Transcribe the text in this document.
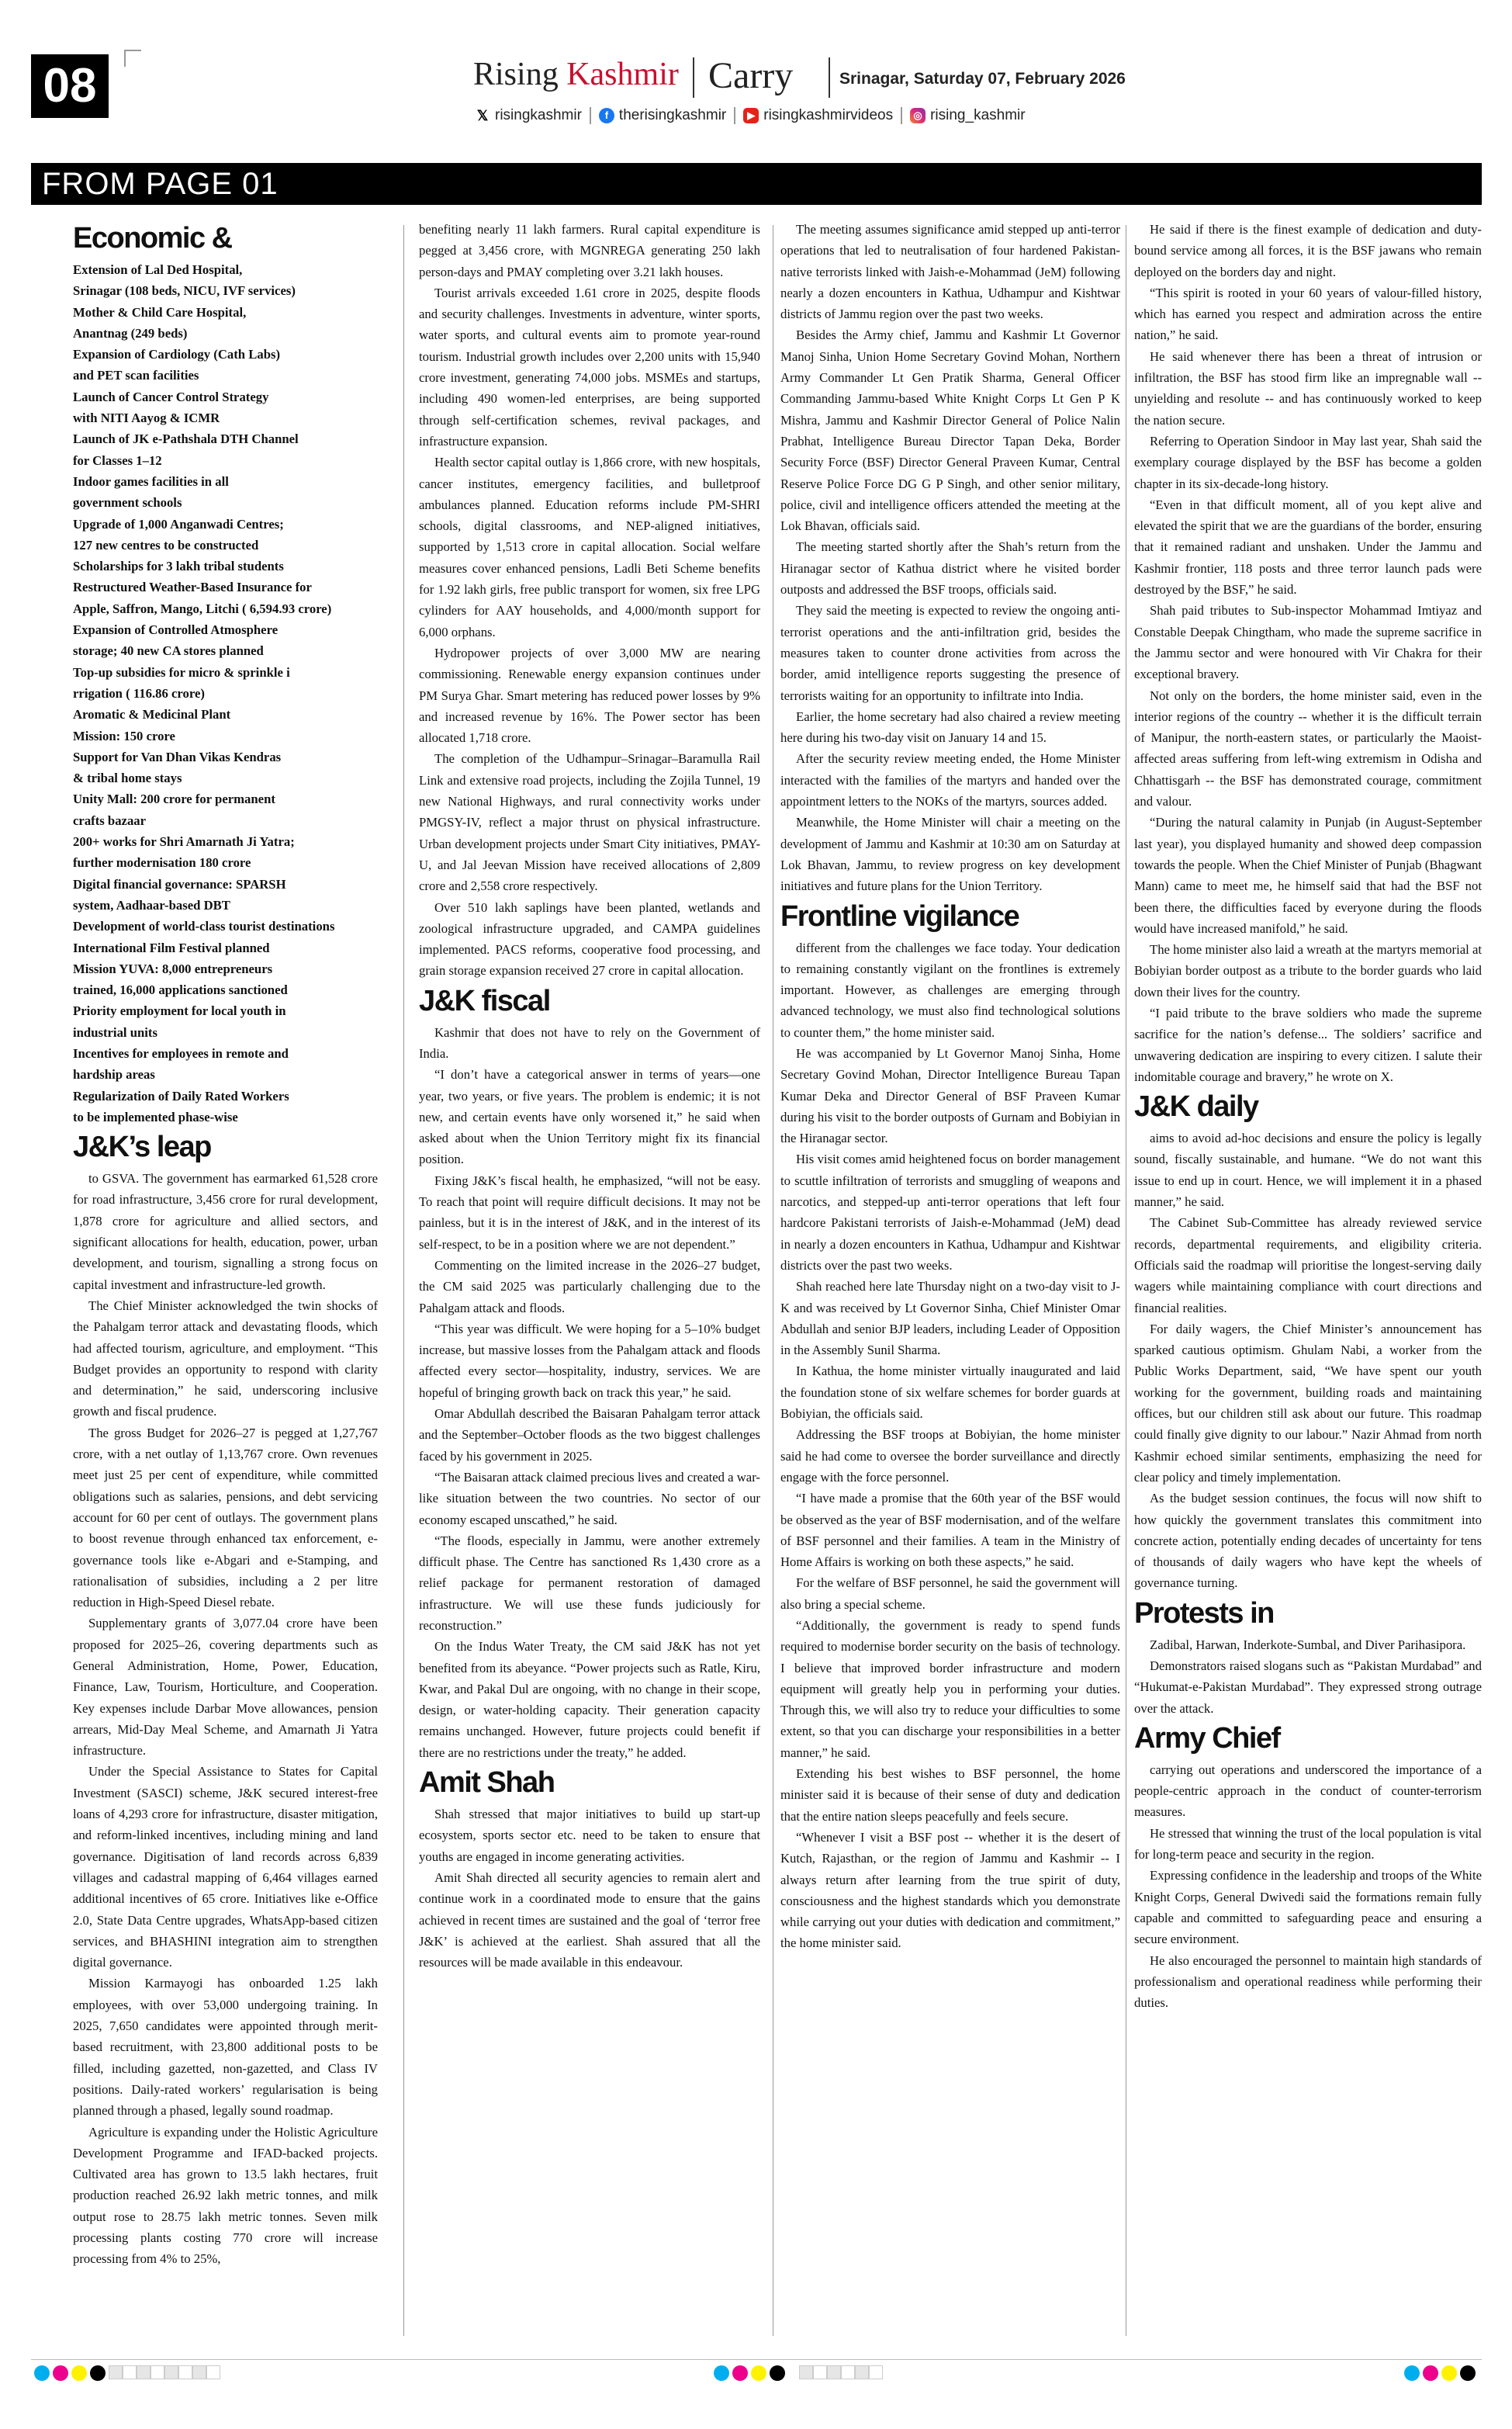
08	Rising Kashmir Carry	Srinagar, Saturday 07, February 2026
𝕏 risingkashmir	f therisingkashmir	▶ risingkashmirvideos	◎ rising_kashmir
FROM PAGE 01
Economic &
Extension of Lal Ded Hospital,
Srinagar (108 beds, NICU, IVF services)
Mother & Child Care Hospital,
Anantnag (249 beds)
Expansion of Cardiology (Cath Labs)
and PET scan facilities
Launch of Cancer Control Strategy
with NITI Aayog & ICMR
Launch of JK e-Pathshala DTH Channel
for Classes 1–12
Indoor games facilities in all
government schools
Upgrade of 1,000 Anganwadi Centres;
127 new centres to be constructed
Scholarships for 3 lakh tribal students
Restructured Weather-Based Insurance for
Apple, Saffron, Mango, Litchi ( 6,594.93 crore)
Expansion of Controlled Atmosphere
storage; 40 new CA stores planned
Top-up subsidies for micro & sprinkle i
rrigation ( 116.86 crore)
Aromatic & Medicinal Plant
Mission: 150 crore
Support for Van Dhan Vikas Kendras
& tribal home stays
Unity Mall: 200 crore for permanent
crafts bazaar
200+ works for Shri Amarnath Ji Yatra;
further modernisation 180 crore
Digital financial governance: SPARSH
system, Aadhaar-based DBT
Development of world-class tourist destinations
International Film Festival planned
Mission YUVA: 8,000 entrepreneurs
trained, 16,000 applications sanctioned
Priority employment for local youth in
industrial units
Incentives for employees in remote and
hardship areas
Regularization of Daily Rated Workers
to be implemented phase-wise
J&K’s leap

to GSVA. The government has earmarked 61,528 crore for road infrastructure, 3,456 crore for rural development, 1,878 crore for agriculture and allied sectors, and significant allocations for health, education, power, urban development, and tourism, signalling a strong focus on capital investment and infrastructure-led growth.

The Chief Minister acknowledged the twin shocks of the Pahalgam terror attack and devastating floods, which had affected tourism, agriculture, and employment. “This Budget provides an opportunity to respond with clarity and determination,” he said, underscoring inclusive growth and fiscal prudence.

The gross Budget for 2026–27 is pegged at 1,27,767 crore, with a net outlay of 1,13,767 crore. Own revenues meet just 25 per cent of expenditure, while committed obligations such as salaries, pensions, and debt servicing account for 60 per cent of outlays. The government plans to boost revenue through enhanced tax enforcement, e-governance tools like e-Abgari and e-Stamping, and rationalisation of subsidies, including a 2 per litre reduction in High-Speed Diesel rebate.

Supplementary grants of 3,077.04 crore have been proposed for 2025–26, covering departments such as General Administration, Home, Power, Education, Finance, Law, Tourism, Horticulture, and Cooperation. Key expenses include Darbar Move allowances, pension arrears, Mid-Day Meal Scheme, and Amarnath Ji Yatra infrastructure.

Under the Special Assistance to States for Capital Investment (SASCI) scheme, J&K secured interest-free loans of 4,293 crore for infrastructure, disaster mitigation, and reform-linked incentives, including mining and land governance. Digitisation of land records across 6,839 villages and cadastral mapping of 6,464 villages earned additional incentives of 65 crore. Initiatives like e-Office 2.0, State Data Centre upgrades, WhatsApp-based citizen services, and BHASHINI integration aim to strengthen digital governance.

Mission Karmayogi has onboarded 1.25 lakh employees, with over 53,000 undergoing training. In 2025, 7,650 candidates were appointed through merit-based recruitment, with 23,800 additional posts to be filled, including gazetted, non-gazetted, and Class IV positions. Daily-rated workers’ regularisation is being planned through a phased, legally sound roadmap.

Agriculture is expanding under the Holistic Agriculture Development Programme and IFAD-backed projects. Cultivated area has grown to 13.5 lakh hectares, fruit production reached 26.92 lakh metric tonnes, and milk output rose to 28.75 lakh metric tonnes. Seven milk processing plants costing 770 crore will increase processing from 4% to 25%,

benefiting nearly 11 lakh farmers. Rural capital expenditure is pegged at 3,456 crore, with MGNREGA generating 250 lakh person-days and PMAY completing over 3.21 lakh houses.

Tourist arrivals exceeded 1.61 crore in 2025, despite floods and security challenges. Investments in adventure, winter sports, water sports, and cultural events aim to promote year-round tourism. Industrial growth includes over 2,200 units with 15,940 crore investment, generating 74,000 jobs. MSMEs and startups, including 490 women-led enterprises, are being supported through self-certification schemes, revival packages, and infrastructure expansion.

Health sector capital outlay is 1,866 crore, with new hospitals, cancer institutes, emergency facilities, and bulletproof ambulances planned. Education reforms include PM-SHRI schools, digital classrooms, and NEP-aligned initiatives, supported by 1,513 crore in capital allocation. Social welfare measures cover enhanced pensions, Ladli Beti Scheme benefits for 1.92 lakh girls, free public transport for women, six free LPG cylinders for AAY households, and 4,000/month support for 6,000 orphans.

Hydropower projects of over 3,000 MW are nearing commissioning. Renewable energy expansion continues under PM Surya Ghar. Smart metering has reduced power losses by 9% and increased revenue by 16%. The Power sector has been allocated 1,718 crore.

The completion of the Udhampur–Srinagar–Baramulla Rail Link and extensive road projects, including the Zojila Tunnel, 19 new National Highways, and rural connectivity works under PMGSY-IV, reflect a major thrust on physical infrastructure. Urban development projects under Smart City initiatives, PMAY-U, and Jal Jeevan Mission have received allocations of 2,809 crore and 2,558 crore respectively.

Over 510 lakh saplings have been planted, wetlands and zoological infrastructure upgraded, and CAMPA guidelines implemented. PACS reforms, cooperative food processing, and grain storage expansion received 27 crore in capital allocation.

J&K fiscal

Kashmir that does not have to rely on the Government of India.

“I don’t have a categorical answer in terms of years—one year, two years, or five years. The problem is endemic; it is not new, and certain events have only worsened it,” he said when asked about when the Union Territory might fix its financial position.

Fixing J&K’s fiscal health, he emphasized, “will not be easy. To reach that point will require difficult decisions. It may not be painless, but it is in the interest of J&K, and in the interest of its self-respect, to be in a position where we are not dependent.”

Commenting on the limited increase in the 2026–27 budget, the CM said 2025 was particularly challenging due to the Pahalgam attack and floods.

“This year was difficult. We were hoping for a 5–10% budget increase, but massive losses from the Pahalgam attack and floods affected every sector—hospitality, industry, services. We are hopeful of bringing growth back on track this year,” he said.

Omar Abdullah described the Baisaran Pahalgam terror attack and the September–October floods as the two biggest challenges faced by his government in 2025.

“The Baisaran attack claimed precious lives and created a war-like situation between the two countries. No sector of our economy escaped unscathed,” he said.

“The floods, especially in Jammu, were another extremely difficult phase. The Centre has sanctioned Rs 1,430 crore as a relief package for permanent restoration of damaged infrastructure. We will use these funds judiciously for reconstruction.”

On the Indus Water Treaty, the CM said J&K has not yet benefited from its abeyance. “Power projects such as Ratle, Kiru, Kwar, and Pakal Dul are ongoing, with no change in their scope, design, or water-holding capacity. Their generation capacity remains unchanged. However, future projects could benefit if there are no restrictions under the treaty,” he added.

Amit Shah

Shah stressed that major initiatives to build up start-up ecosystem, sports sector etc. need to be taken to ensure that youths are engaged in income generating activities.

Amit Shah directed all security agencies to remain alert and continue work in a coordinated mode to ensure that the gains achieved in recent times are sustained and the goal of ‘terror free J&K’ is achieved at the earliest. Shah assured that all the resources will be made available in this endeavour.

The meeting assumes significance amid stepped up anti-terror operations that led to neutralisation of four hardened Pakistan-native terrorists linked with Jaish-e-Mohammad (JeM) following nearly a dozen encounters in Kathua, Udhampur and Kishtwar districts of Jammu region over the past two weeks.

Besides the Army chief, Jammu and Kashmir Lt Governor Manoj Sinha, Union Home Secretary Govind Mohan, Northern Army Commander Lt Gen Pratik Sharma, General Officer Commanding Jammu-based White Knight Corps Lt Gen P K Mishra, Jammu and Kashmir Director General of Police Nalin Prabhat, Intelligence Bureau Director Tapan Deka, Border Security Force (BSF) Director General Praveen Kumar, Central Reserve Police Force DG G P Singh, and other senior military, police, civil and intelligence officers attended the meeting at the Lok Bhavan, officials said.

The meeting started shortly after the Shah’s return from the Hiranagar sector of Kathua district where he visited border outposts and addressed the BSF troops, officials said.

They said the meeting is expected to review the ongoing anti-terrorist operations and the anti-infiltration grid, besides the measures taken to counter drone activities from across the border, amid intelligence reports suggesting the presence of terrorists waiting for an opportunity to infiltrate into India.

Earlier, the home secretary had also chaired a review meeting here during his two-day visit on January 14 and 15.

After the security review meeting ended, the Home Minister interacted with the families of the martyrs and handed over the appointment letters to the NOKs of the martyrs, sources added.

Meanwhile, the Home Minister will chair a meeting on the development of Jammu and Kashmir at 10:30 am on Saturday at Lok Bhavan, Jammu, to review progress on key development initiatives and future plans for the Union Territory.

Frontline vigilance

different from the challenges we face today. Your dedication to remaining constantly vigilant on the frontlines is extremely important. However, as challenges are emerging through advanced technology, we must also find technological solutions to counter them,” the home minister said.

He was accompanied by Lt Governor Manoj Sinha, Home Secretary Govind Mohan, Director Intelligence Bureau Tapan Kumar Deka and Director General of BSF Praveen Kumar during his visit to the border outposts of Gurnam and Bobiyian in the Hiranagar sector.

His visit comes amid heightened focus on border management to scuttle infiltration of terrorists and smuggling of weapons and narcotics, and stepped-up anti-terror operations that left four hardcore Pakistani terrorists of Jaish-e-Mohammad (JeM) dead in nearly a dozen encounters in Kathua, Udhampur and Kishtwar districts over the past two weeks.

Shah reached here late Thursday night on a two-day visit to J-K and was received by Lt Governor Sinha, Chief Minister Omar Abdullah and senior BJP leaders, including Leader of Opposition in the Assembly Sunil Sharma.

In Kathua, the home minister virtually inaugurated and laid the foundation stone of six welfare schemes for border guards at Bobiyian, the officials said.

Addressing the BSF troops at Bobiyian, the home minister said he had come to oversee the border surveillance and directly engage with the force personnel.

“I have made a promise that the 60th year of the BSF would be observed as the year of BSF modernisation, and of the welfare of BSF personnel and their families. A team in the Ministry of Home Affairs is working on both these aspects,” he said.

For the welfare of BSF personnel, he said the government will also bring a special scheme.

“Additionally, the government is ready to spend funds required to modernise border security on the basis of technology. I believe that improved border infrastructure and modern equipment will greatly help you in performing your duties. Through this, we will also try to reduce your difficulties to some extent, so that you can discharge your responsibilities in a better manner,” he said.

Extending his best wishes to BSF personnel, the home minister said it is because of their sense of duty and dedication that the entire nation sleeps peacefully and feels secure.

“Whenever I visit a BSF post -- whether it is the desert of Kutch, Rajasthan, or the region of Jammu and Kashmir -- I always return after learning from the true spirit of duty, consciousness and the highest standards which you demonstrate while carrying out your duties with dedication and commitment,” the home minister said.

He said if there is the finest example of dedication and duty-bound service among all forces, it is the BSF jawans who remain deployed on the borders day and night.

“This spirit is rooted in your 60 years of valour-filled history, which has earned you respect and admiration across the entire nation,” he said.

He said whenever there has been a threat of intrusion or infiltration, the BSF has stood firm like an impregnable wall -- unyielding and resolute -- and has continuously worked to keep the nation secure.

Referring to Operation Sindoor in May last year, Shah said the exemplary courage displayed by the BSF has become a golden chapter in its six-decade-long history.

“Even in that difficult moment, all of you kept alive and elevated the spirit that we are the guardians of the border, ensuring that it remained radiant and unshaken. Under the Jammu and Kashmir frontier, 118 posts and three terror launch pads were destroyed by the BSF,” he said.

Shah paid tributes to Sub-inspector Mohammad Imtiyaz and Constable Deepak Chingtham, who made the supreme sacrifice in the Jammu sector and were honoured with Vir Chakra for their exceptional bravery.

Not only on the borders, the home minister said, even in the interior regions of the country -- whether it is the difficult terrain of Manipur, the north-eastern states, or particularly the Maoist-affected areas suffering from left-wing extremism in Odisha and Chhattisgarh -- the BSF has demonstrated courage, commitment and valour.

“During the natural calamity in Punjab (in August-September last year), you displayed humanity and showed deep compassion towards the people. When the Chief Minister of Punjab (Bhagwant Mann) came to meet me, he himself said that had the BSF not been there, the difficulties faced by everyone during the floods would have increased manifold,” he said.

The home minister also laid a wreath at the martyrs memorial at Bobiyian border outpost as a tribute to the border guards who laid down their lives for the country.

“I paid tribute to the brave soldiers who made the supreme sacrifice for the nation’s defense... The soldiers’ sacrifice and unwavering dedication are inspiring to every citizen. I salute their indomitable courage and bravery,” he wrote on X.

J&K daily

aims to avoid ad-hoc decisions and ensure the policy is legally sound, fiscally sustainable, and humane. “We do not want this issue to end up in court. Hence, we will implement it in a phased manner,” he said.

The Cabinet Sub-Committee has already reviewed service records, departmental requirements, and eligibility criteria. Officials said the roadmap will prioritise the longest-serving daily wagers while maintaining compliance with court directions and financial realities.

For daily wagers, the Chief Minister’s announcement has sparked cautious optimism. Ghulam Nabi, a worker from the Public Works Department, said, “We have spent our youth working for the government, building roads and maintaining offices, but our children still ask about our future. This roadmap could finally give dignity to our labour.” Nazir Ahmad from north Kashmir echoed similar sentiments, emphasizing the need for clear policy and timely implementation.

As the budget session continues, the focus will now shift to how quickly the government translates this commitment into concrete action, potentially ending decades of uncertainty for tens of thousands of daily wagers who have kept the wheels of governance turning.

Protests in

Zadibal, Harwan, Inderkote-Sumbal, and Diver Parihasipora.

Demonstrators raised slogans such as “Pakistan Murdabad” and “Hukumat-e-Pakistan Murdabad”. They expressed strong outrage over the attack.

Army Chief

carrying out operations and underscored the importance of a people-centric approach in the conduct of counter-terrorism measures.

He stressed that winning the trust of the local population is vital for long-term peace and security in the region.

Expressing confidence in the leadership and troops of the White Knight Corps, General Dwivedi said the formations remain fully capable and committed to safeguarding peace and ensuring a secure environment.

He also encouraged the personnel to maintain high standards of professionalism and operational readiness while performing their duties.
